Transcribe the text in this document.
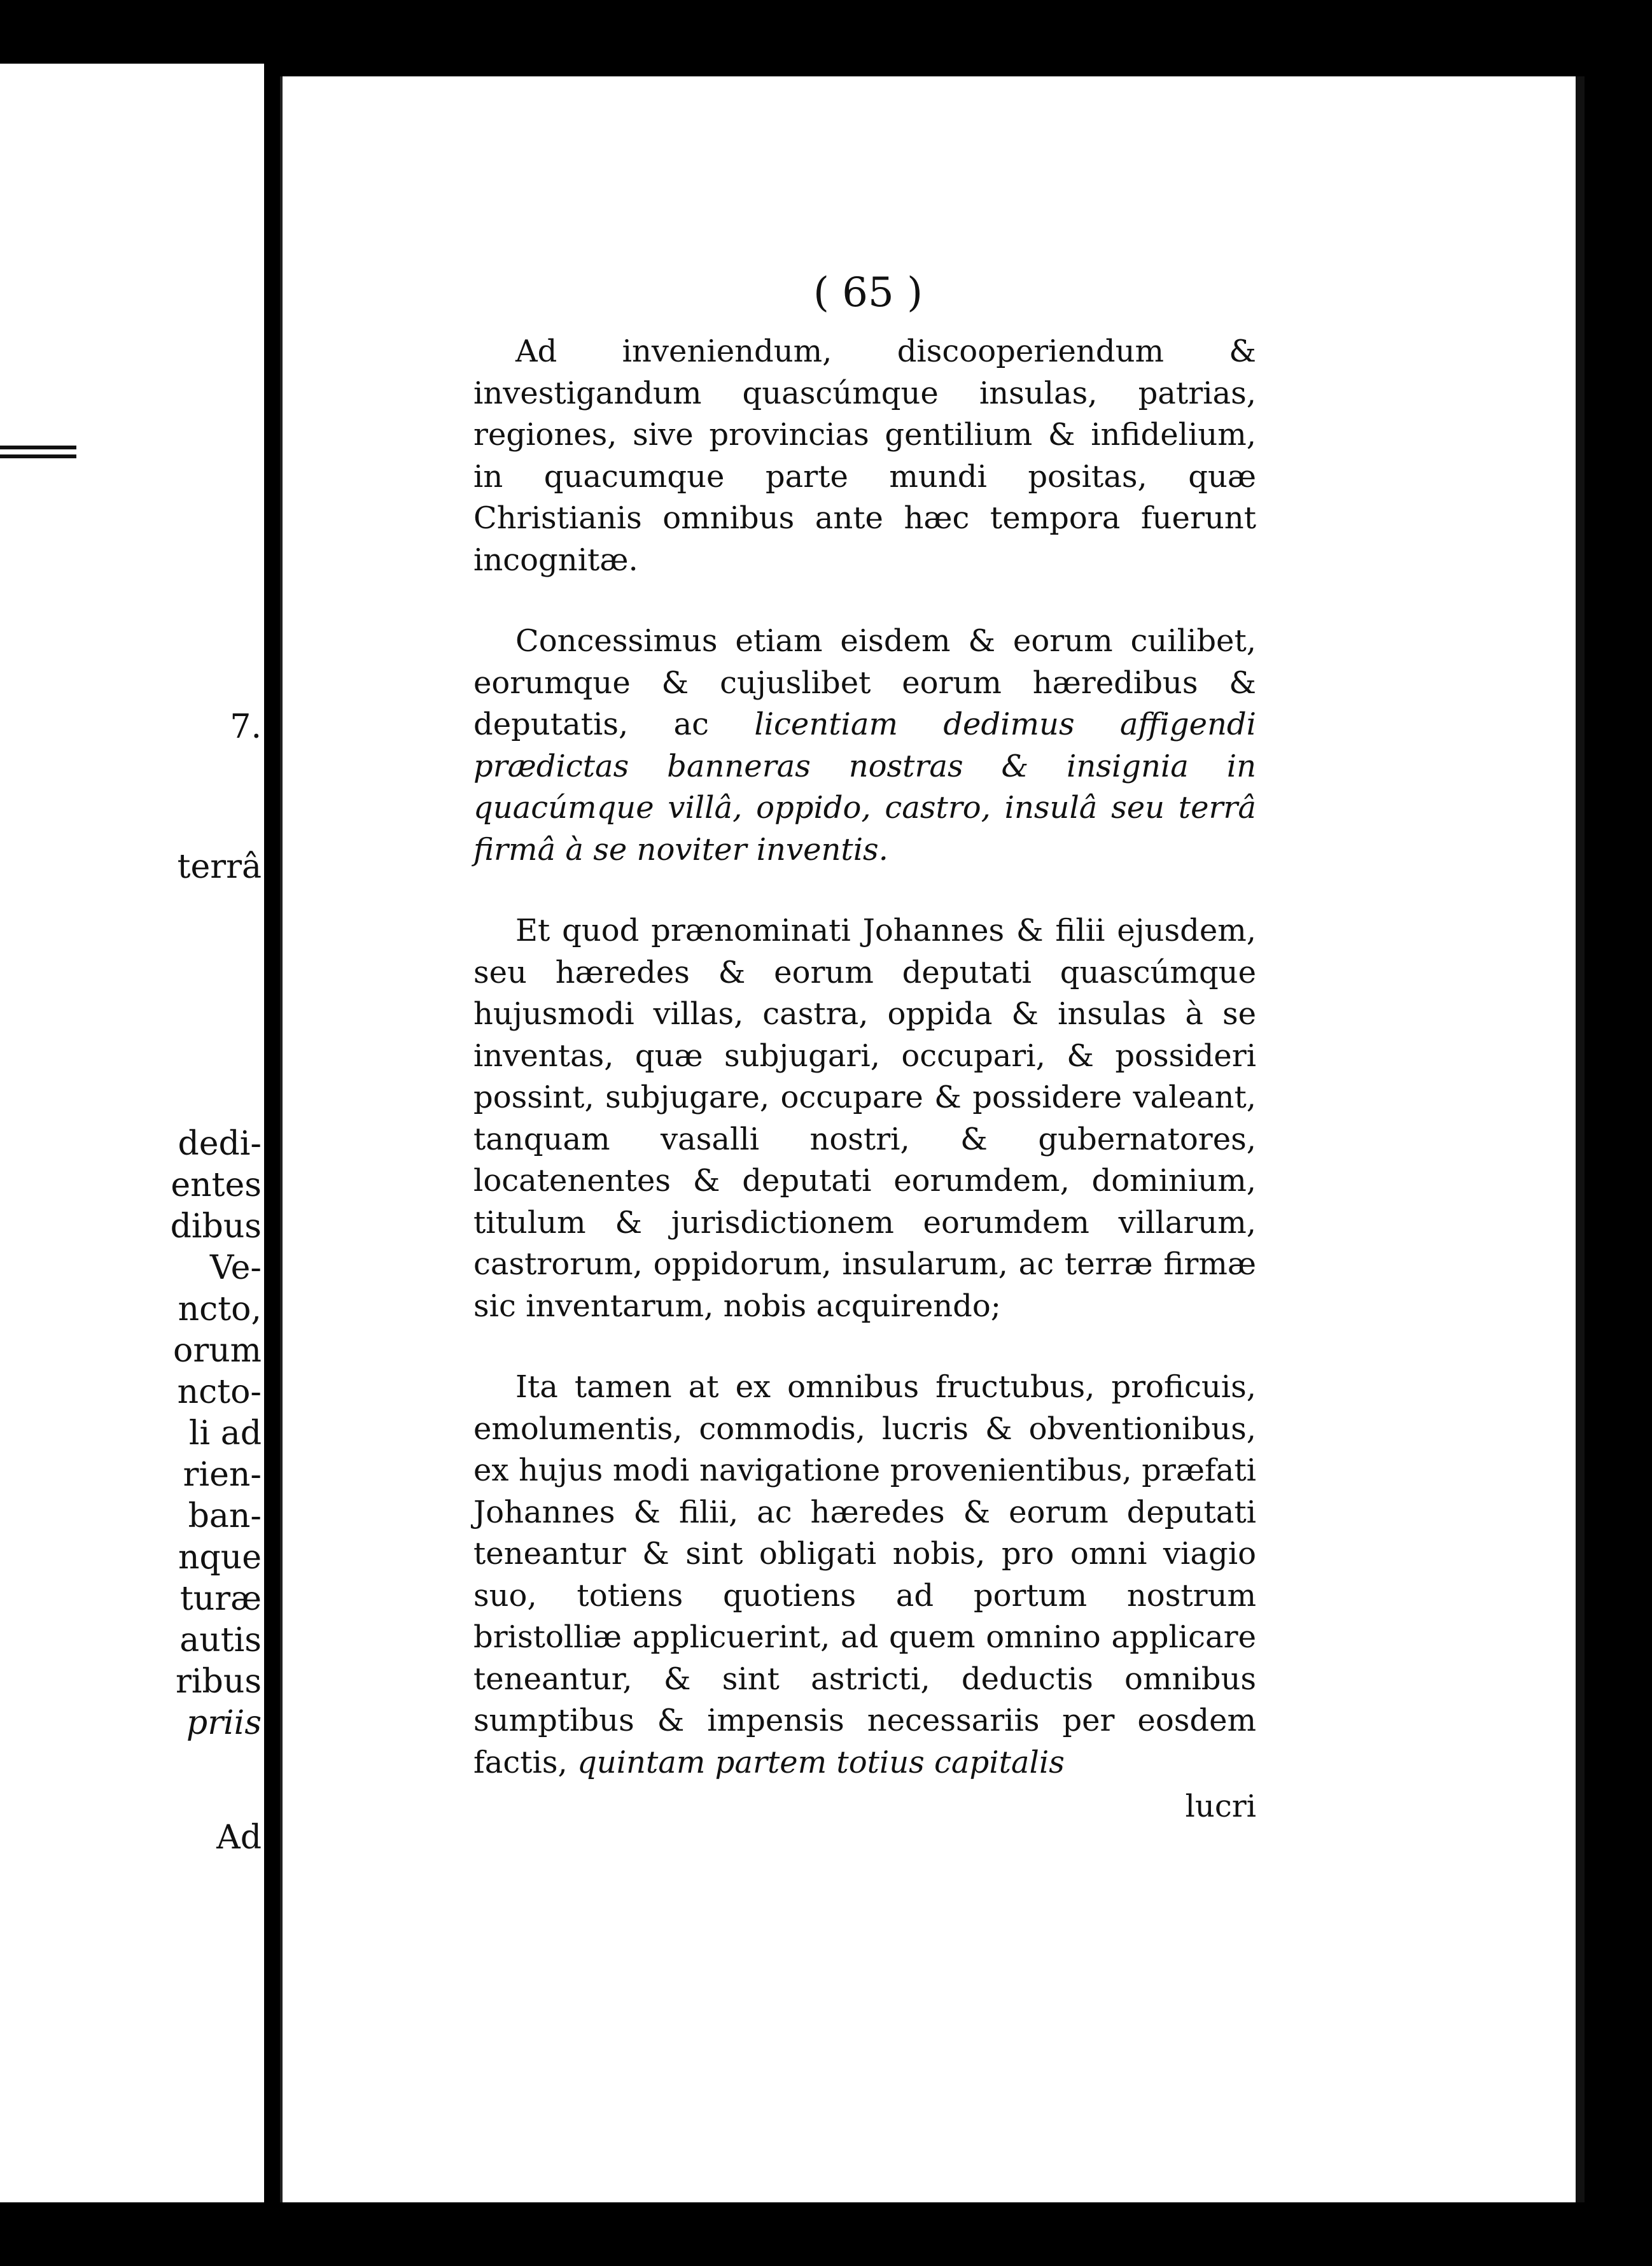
7.

terrâ

dedi-

entes

dibus

Ve-

ncto,

orum

ncto-

li ad

rien-

ban-

nque

turæ

autis

ribus

priis

Ad

( 65 )

Ad inveniendum, discooperiendum & investigandum quascúmque insulas, patrias, regiones, sive provincias gentilium & infidelium, in quacumque parte mundi positas, quæ Christianis omnibus ante hæc tempora fuerunt incognitæ.

Concessimus etiam eisdem & eorum cuilibet, eorumque & cujuslibet eorum hæredibus & deputatis, ac licentiam dedimus affigendi prædictas banneras nostras & insignia in quacúmque villâ, oppido, castro, insulâ seu terrâ firmâ à se noviter inventis.

Et quod prænominati Johannes & filii ejusdem, seu hæredes & eorum deputati quascúmque hujusmodi villas, castra, oppida & insulas à se inventas, quæ subjugari, occupari, & possideri possint, subjugare, occupare & possidere valeant, tanquam vasalli nostri, & gubernatores, locatenentes & deputati eorumdem, dominium, titulum & jurisdictionem eorumdem villarum, castrorum, oppidorum, insularum, ac terræ firmæ sic inventarum, nobis acquirendo;

Ita tamen at ex omnibus fructubus, proficuis, emolumentis, commodis, lucris & obventionibus, ex hujus modi navigatione provenientibus, præfati Johannes & filii, ac hæredes & eorum deputati teneantur & sint obligati nobis, pro omni viagio suo, totiens quotiens ad portum nostrum bristolliæ applicuerint, ad quem omnino applicare teneantur, & sint astricti, deductis omnibus sumptibus & impensis necessariis per eosdem factis, quintam partem totius capitalis

lucri
